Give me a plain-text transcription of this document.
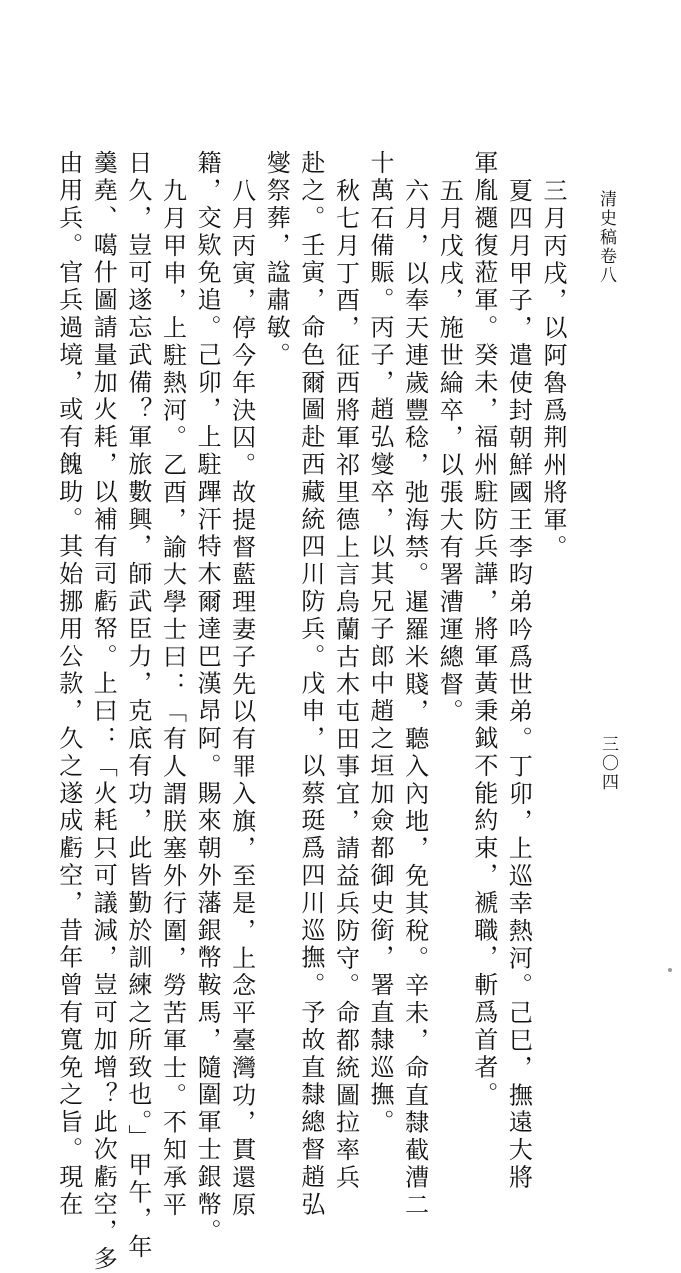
清史稿卷八
三〇四

三月丙戌，以阿魯爲荆州將軍。

夏四月甲子，遣使封朝鮮國王李昀弟吟爲世弟。丁卯，上巡幸熱河。己巳，撫遠大將

軍胤禵復蒞軍。癸未，福州駐防兵譁，將軍黃秉鉞不能約束，褫職，斬爲首者。

五月戊戌，施世綸卒，以張大有署漕運總督。

六月，以奉天連歲豐稔，弛海禁。暹羅米賤，聽入內地，免其稅。辛未，命直隸截漕二

十萬石備賑。丙子，趙弘燮卒，以其兄子郎中趙之垣加僉都御史銜，署直隸巡撫。

秋七月丁酉，征西將軍祁里德上言烏蘭古木屯田事宜，請益兵防守。命都統圖拉率兵

赴之。壬寅，命色爾圖赴西藏統四川防兵。戊申，以蔡珽爲四川巡撫。予故直隸總督趙弘

燮祭葬，諡肅敏。

八月丙寅，停今年決囚。故提督藍理妻子先以有罪入旗，至是，上念平臺灣功，貫還原

籍，交欵免追。己卯，上駐蹕汗特木爾達巴漢昂阿。賜來朝外藩銀幣鞍馬，隨圍軍士銀幣。

九月甲申，上駐熱河。乙酉，諭大學士曰：「有人謂朕塞外行圍，勞苦軍士。不知承平

日久，豈可遂忘武備？軍旅數興，師武臣力，克底有功，此皆勤於訓練之所致也。」甲午，年

羹堯、噶什圖請量加火耗，以補有司虧帑。上曰：「火耗只可議減，豈可加增？此次虧空，多

由用兵。官兵過境，或有餽助。其始挪用公款，久之遂成虧空，昔年曾有寬免之旨。現在
